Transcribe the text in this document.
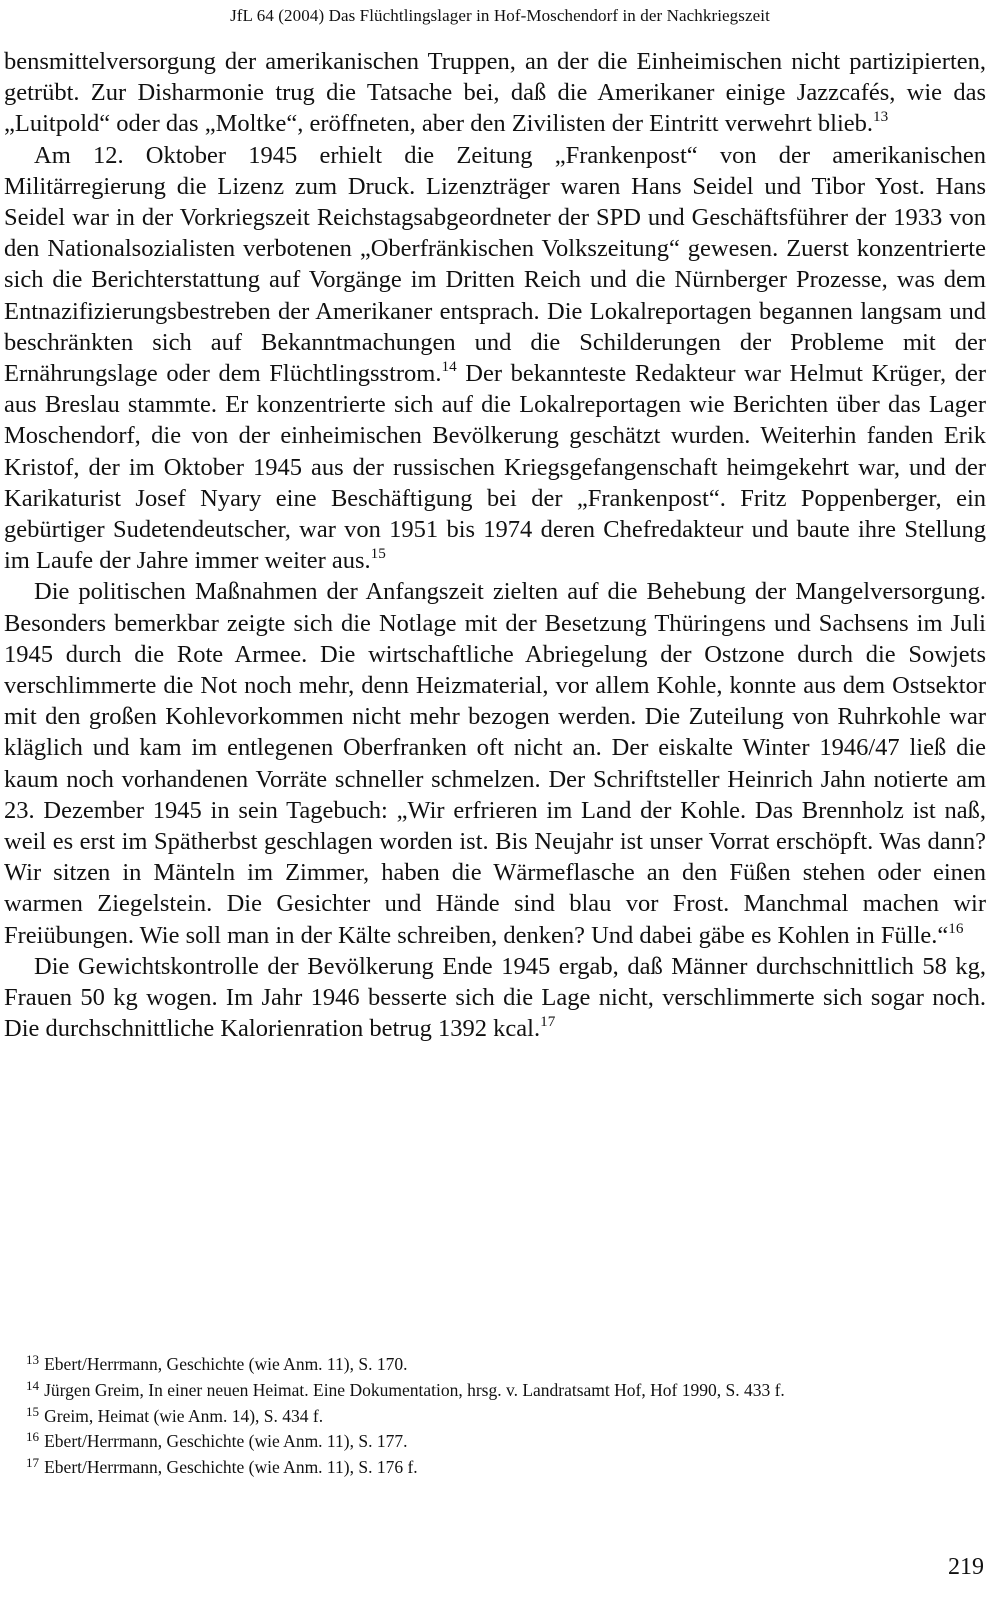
JfL 64 (2004) Das Flüchtlingslager in Hof-Moschendorf in der Nachkriegszeit

bensmittelversorgung der amerikanischen Truppen, an der die Einheimischen nicht partizipierten, getrübt. Zur Disharmonie trug die Tatsache bei, daß die Amerikaner einige Jazzcafés, wie das „Luitpold“ oder das „Moltke“, eröffneten, aber den Zivilisten der Eintritt verwehrt blieb.$^{13}$

Am 12. Oktober 1945 erhielt die Zeitung „Frankenpost“ von der amerikanischen Militärregierung die Lizenz zum Druck. Lizenzträger waren Hans Seidel und Tibor Yost. Hans Seidel war in der Vorkriegszeit Reichstagsabgeordneter der SPD und Geschäftsführer der 1933 von den Nationalsozialisten verbotenen „Oberfränkischen Volkszeitung“ gewesen. Zuerst konzentrierte sich die Berichterstattung auf Vorgänge im Dritten Reich und die Nürnberger Prozesse, was dem Entnazifizierungsbestreben der Amerikaner entsprach. Die Lokalreportagen begannen langsam und beschränkten sich auf Bekanntmachungen und die Schilderungen der Probleme mit der Ernährungslage oder dem Flüchtlingsstrom.$^{14}$ Der bekannteste Redakteur war Helmut Krüger, der aus Breslau stammte. Er konzentrierte sich auf die Lokalreportagen wie Berichten über das Lager Moschendorf, die von der einheimischen Bevölkerung geschätzt wurden. Weiterhin fanden Erik Kristof, der im Oktober 1945 aus der russischen Kriegsgefangenschaft heimgekehrt war, und der Karikaturist Josef Nyary eine Beschäftigung bei der „Frankenpost“. Fritz Poppenberger, ein gebürtiger Sudetendeutscher, war von 1951 bis 1974 deren Chefredakteur und baute ihre Stellung im Laufe der Jahre immer weiter aus.$^{15}$

Die politischen Maßnahmen der Anfangszeit zielten auf die Behebung der Mangelversorgung. Besonders bemerkbar zeigte sich die Notlage mit der Besetzung Thüringens und Sachsens im Juli 1945 durch die Rote Armee. Die wirtschaftliche Abriegelung der Ostzone durch die Sowjets verschlimmerte die Not noch mehr, denn Heizmaterial, vor allem Kohle, konnte aus dem Ostsektor mit den großen Kohlevorkommen nicht mehr bezogen werden. Die Zuteilung von Ruhrkohle war kläglich und kam im entlegenen Oberfranken oft nicht an. Der eiskalte Winter 1946/47 ließ die kaum noch vorhandenen Vorräte schneller schmelzen. Der Schriftsteller Heinrich Jahn notierte am 23. Dezember 1945 in sein Tagebuch: „Wir erfrieren im Land der Kohle. Das Brennholz ist naß, weil es erst im Spätherbst geschlagen worden ist. Bis Neujahr ist unser Vorrat erschöpft. Was dann? Wir sitzen in Mänteln im Zimmer, haben die Wärmeflasche an den Füßen stehen oder einen warmen Ziegelstein. Die Gesichter und Hände sind blau vor Frost. Manchmal machen wir Freiübungen. Wie soll man in der Kälte schreiben, denken? Und dabei gäbe es Kohlen in Fülle.“$^{16}$

Die Gewichtskontrolle der Bevölkerung Ende 1945 ergab, daß Männer durchschnittlich 58 kg, Frauen 50 kg wogen. Im Jahr 1946 besserte sich die Lage nicht, verschlimmerte sich sogar noch. Die durchschnittliche Kalorienration betrug 1392 kcal.$^{17}$

$^{13}$ Ebert/Herrmann, Geschichte (wie Anm. 11), S. 170.

$^{14}$ Jürgen Greim, In einer neuen Heimat. Eine Dokumentation, hrsg. v. Landratsamt Hof, Hof 1990, S. 433 f.

$^{15}$ Greim, Heimat (wie Anm. 14), S. 434 f.

$^{16}$ Ebert/Herrmann, Geschichte (wie Anm. 11), S. 177.

$^{17}$ Ebert/Herrmann, Geschichte (wie Anm. 11), S. 176 f.

219
